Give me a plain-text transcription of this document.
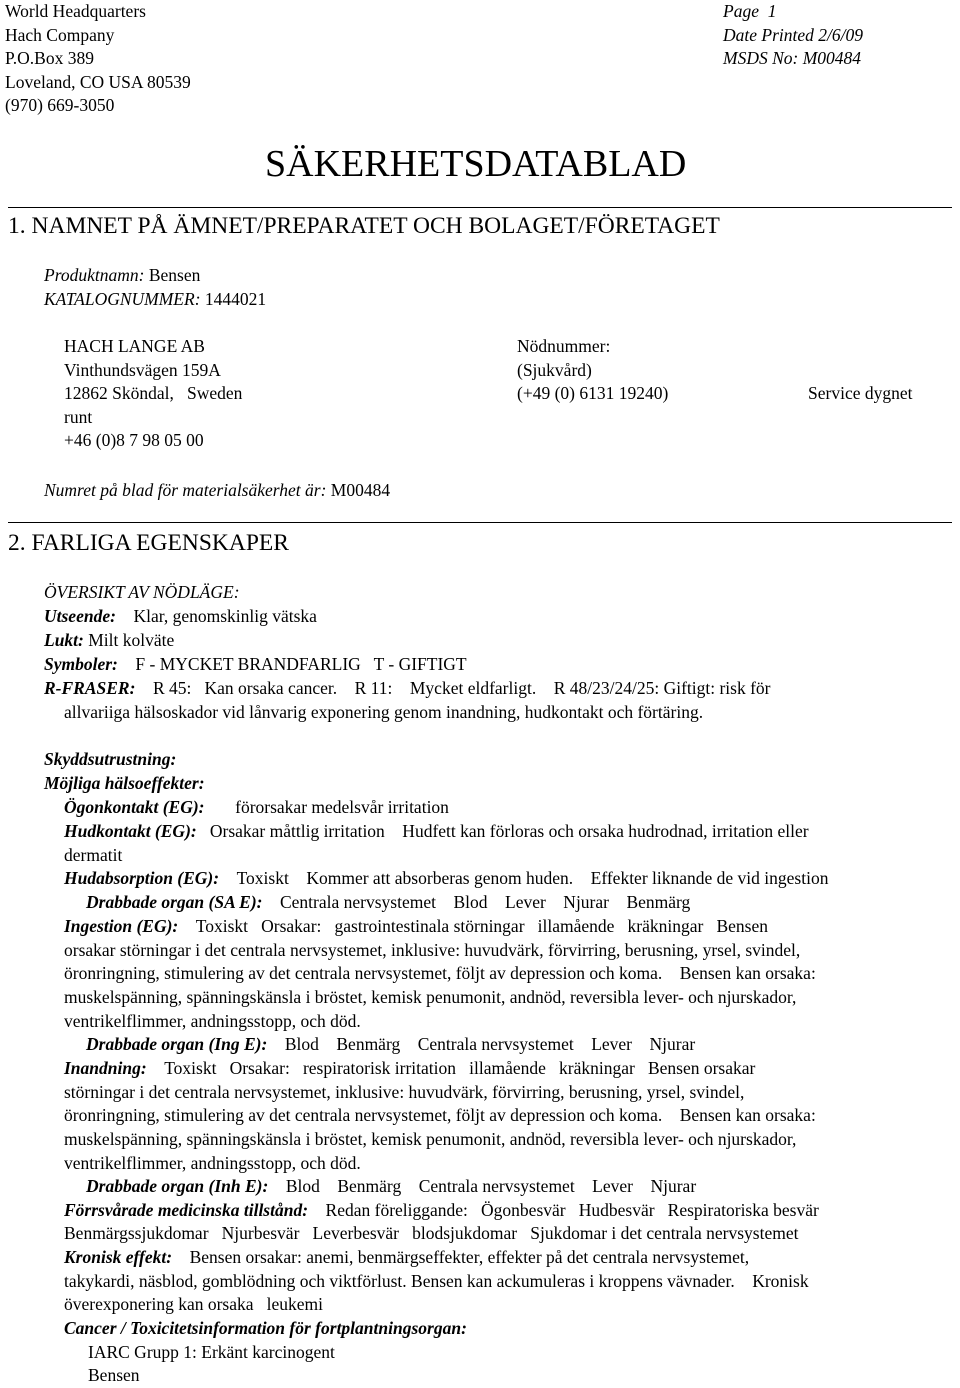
World Headquarters
Hach Company
P.O.Box 389
Loveland, CO USA 80539
(970) 669-3050
Page 1
Date Printed 2/6/09
MSDS No: M00484
SÄKERHETSDATABLAD
1. NAMNET PÅ ÄMNET/PREPARATET OCH BOLAGET/FÖRETAGET
Produktnamn: Bensen
KATALOGNUMMER: 1444021
HACH LANGE AB
Vinthundsvägen 159A
12862 Sköndal,   Sweden
runt
+46 (0)8 7 98 05 00
Nödnummer:
(Sjukvård)
(+49 (0) 6131 19240)	Service dygnet
Numret på blad för materialsäkerhet är: M00484
2. FARLIGA EGENSKAPER
ÖVERSIKT AV NÖDLÄGE:
Utseende: Klar, genomskinlig vätska
Lukt: Milt kolväte
Symboler: F - MYCKET BRANDFARLIG   T - GIFTIGT
R-FRASER: R 45:   Kan orsaka cancer.    R 11:    Mycket eldfarligt.    R 48/23/24/25: Giftigt: risk för
allvariiga hälsoskador vid lånvarig exponering genom inandning, hudkontakt och förtäring.
Skyddsutrustning:
Möjliga hälsoeffekter:
Ögonkontakt (EG): förorsakar medelsvår irritation
Hudkontakt (EG): Orsakar måttlig irritation    Hudfett kan förloras och orsaka hudrodnad, irritation eller
dermatit
Hudabsorption (EG): Toxiskt    Kommer att absorberas genom huden.    Effekter liknande de vid ingestion
Drabbade organ (SA E): Centrala nervsystemet    Blod    Lever    Njurar    Benmärg
Ingestion (EG): Toxiskt   Orsakar:   gastrointestinala störningar   illamående   kräkningar   Bensen
orsakar störningar i det centrala nervsystemet, inklusive: huvudvärk, förvirring, berusning, yrsel, svindel,
öronringning, stimulering av det centrala nervsystemet, följt av depression och koma.    Bensen kan orsaka:
muskelspänning, spänningskänsla i bröstet, kemisk penumonit, andnöd, reversibla lever- och njurskador,
ventrikelflimmer, andningsstopp, och död.
Drabbade organ (Ing E): Blod    Benmärg    Centrala nervsystemet    Lever    Njurar
Inandning: Toxiskt   Orsakar:   respiratorisk irritation   illamående   kräkningar   Bensen orsakar
störningar i det centrala nervsystemet, inklusive: huvudvärk, förvirring, berusning, yrsel, svindel,
öronringning, stimulering av det centrala nervsystemet, följt av depression och koma.    Bensen kan orsaka:
muskelspänning, spänningskänsla i bröstet, kemisk penumonit, andnöd, reversibla lever- och njurskador,
ventrikelflimmer, andningsstopp, och död.
Drabbade organ (Inh E): Blod    Benmärg    Centrala nervsystemet    Lever    Njurar
Förrsvårade medicinska tillstånd: Redan föreliggande:   Ögonbesvär   Hudbesvär   Respiratoriska besvär
Benmärgssjukdomar   Njurbesvär   Leverbesvär   blodsjukdomar   Sjukdomar i det centrala nervsystemet
Kronisk effekt: Bensen orsakar: anemi, benmärgseffekter, effekter på det centrala nervsystemet,
takykardi, näsblod, gomblödning och viktförlust. Bensen kan ackumuleras i kroppens vävnader.    Kronisk
överexponering kan orsaka   leukemi
Cancer / Toxicitetsinformation för fortplantningsorgan:
IARC Grupp 1: Erkänt karcinogent
Bensen
